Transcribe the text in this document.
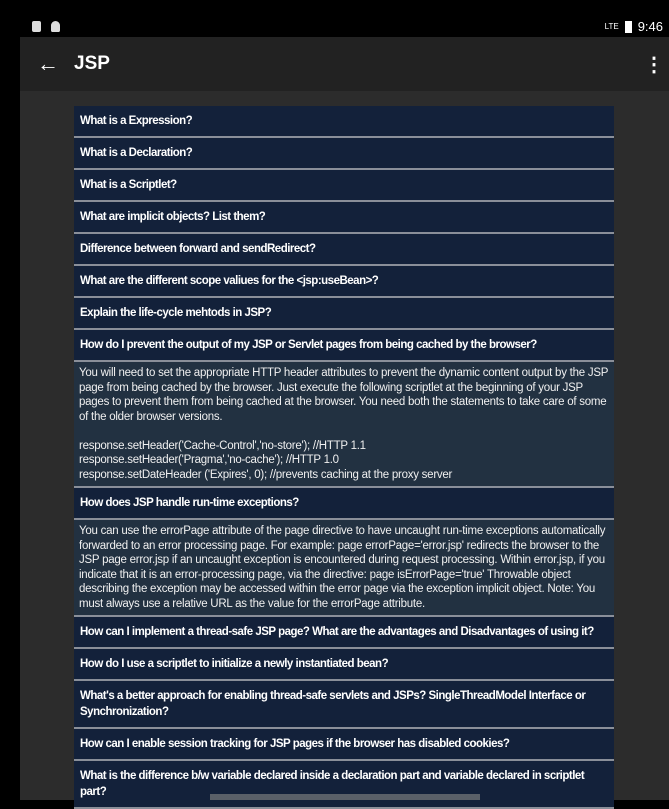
LTE 9:46
← JSP	⋮
What is a Expression?
What is a Declaration?
What is a Scriptlet?
What are implicit objects? List them?
Difference between forward and sendRedirect?
What are the different scope valiues for the <jsp:useBean>?
Explain the life-cycle mehtods in JSP?
How do I prevent the output of my JSP or Servlet pages from being cached by the browser?
You will need to set the appropriate HTTP header attributes to prevent the dynamic content output by the JSP page from being cached by the browser. Just execute the following scriptlet at the beginning of your JSP pages to prevent them from being cached at the browser. You need both the statements to take care of some of the older browser versions.

response.setHeader('Cache-Control','no-store'); //HTTP 1.1
response.setHeader('Pragma','no-cache'); //HTTP 1.0
response.setDateHeader ('Expires', 0); //prevents caching at the proxy server
How does JSP handle run-time exceptions?
You can use the errorPage attribute of the page directive to have uncaught run-time exceptions automatically forwarded to an error processing page. For example: page errorPage='error.jsp' redirects the browser to the JSP page error.jsp if an uncaught exception is encountered during request processing. Within error.jsp, if you indicate that it is an error-processing page, via the directive: page isErrorPage='true' Throwable object describing the exception may be accessed within the error page via the exception implicit object. Note: You must always use a relative URL as the value for the errorPage attribute.
How can I implement a thread-safe JSP page? What are the advantages and Disadvantages of using it?
How do I use a scriptlet to initialize a newly instantiated bean?
What's a better approach for enabling thread-safe servlets and JSPs? SingleThreadModel Interface or Synchronization?
How can I enable session tracking for JSP pages if the browser has disabled cookies?
What is the difference b/w variable declared inside a declaration part and variable declared in scriptlet part?
